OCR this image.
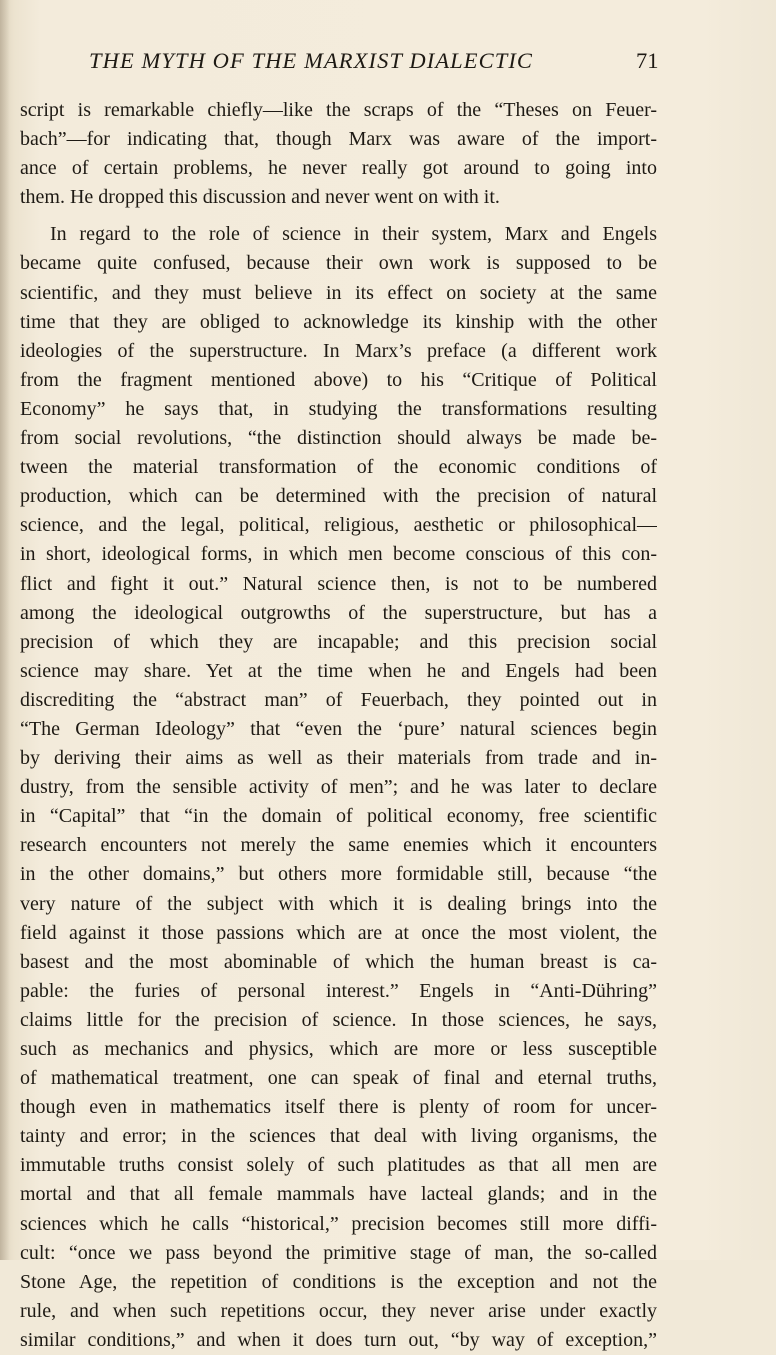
THE MYTH OF THE MARXIST DIALECTIC	71
script is remarkable chiefly—like the scraps of the “Theses on Feuer-
bach”—for indicating that, though Marx was aware of the import-
ance of certain problems, he never really got around to going into
them. He dropped this discussion and never went on with it.
In regard to the role of science in their system, Marx and Engels
became quite confused, because their own work is supposed to be
scientific, and they must believe in its effect on society at the same
time that they are obliged to acknowledge its kinship with the other
ideologies of the superstructure. In Marx’s preface (a different work
from the fragment mentioned above) to his “Critique of Political
Economy” he says that, in studying the transformations resulting
from social revolutions, “the distinction should always be made be-
tween the material transformation of the economic conditions of
production, which can be determined with the precision of natural
science, and the legal, political, religious, aesthetic or philosophical—
in short, ideological forms, in which men become conscious of this con-
flict and fight it out.” Natural science then, is not to be numbered
among the ideological outgrowths of the superstructure, but has a
precision of which they are incapable; and this precision social
science may share. Yet at the time when he and Engels had been
discrediting the “abstract man” of Feuerbach, they pointed out in
“The German Ideology” that “even the ‘pure’ natural sciences begin
by deriving their aims as well as their materials from trade and in-
dustry, from the sensible activity of men”; and he was later to declare
in “Capital” that “in the domain of political economy, free scientific
research encounters not merely the same enemies which it encounters
in the other domains,” but others more formidable still, because “the
very nature of the subject with which it is dealing brings into the
field against it those passions which are at once the most violent, the
basest and the most abominable of which the human breast is ca-
pable: the furies of personal interest.” Engels in “Anti-Dühring”
claims little for the precision of science. In those sciences, he says,
such as mechanics and physics, which are more or less susceptible
of mathematical treatment, one can speak of final and eternal truths,
though even in mathematics itself there is plenty of room for uncer-
tainty and error; in the sciences that deal with living organisms, the
immutable truths consist solely of such platitudes as that all men are
mortal and that all female mammals have lacteal glands; and in the
sciences which he calls “historical,” precision becomes still more diffi-
cult: “once we pass beyond the primitive stage of man, the so-called
Stone Age, the repetition of conditions is the exception and not the
rule, and when such repetitions occur, they never arise under exactly
similar conditions,” and when it does turn out, “by way of exception,”
